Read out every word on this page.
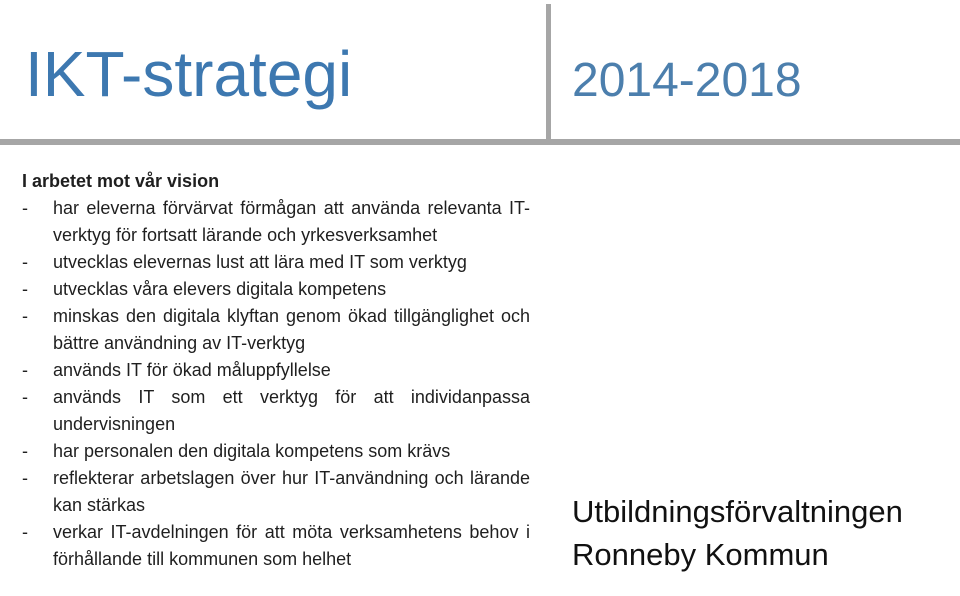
IKT-strategi	2014-2018

I arbetet mot vår vision

- har eleverna förvärvat förmågan att använda relevanta IT-verktyg för fortsatt lärande och yrkesverksamhet
- utvecklas elevernas lust att lära med IT som verktyg
- utvecklas våra elevers digitala kompetens
- minskas den digitala klyftan genom ökad tillgänglighet och bättre användning av IT-verktyg
- används IT för ökad måluppfyllelse
- används IT som ett verktyg för att individanpassa undervisningen
- har personalen den digitala kompetens som krävs
- reflekterar arbetslagen över hur IT-användning och lärande kan stärkas
- verkar IT-avdelningen för att möta verksamhetens behov i förhållande till kommunen som helhet
Utbildningsförvaltningen
Ronneby Kommun
